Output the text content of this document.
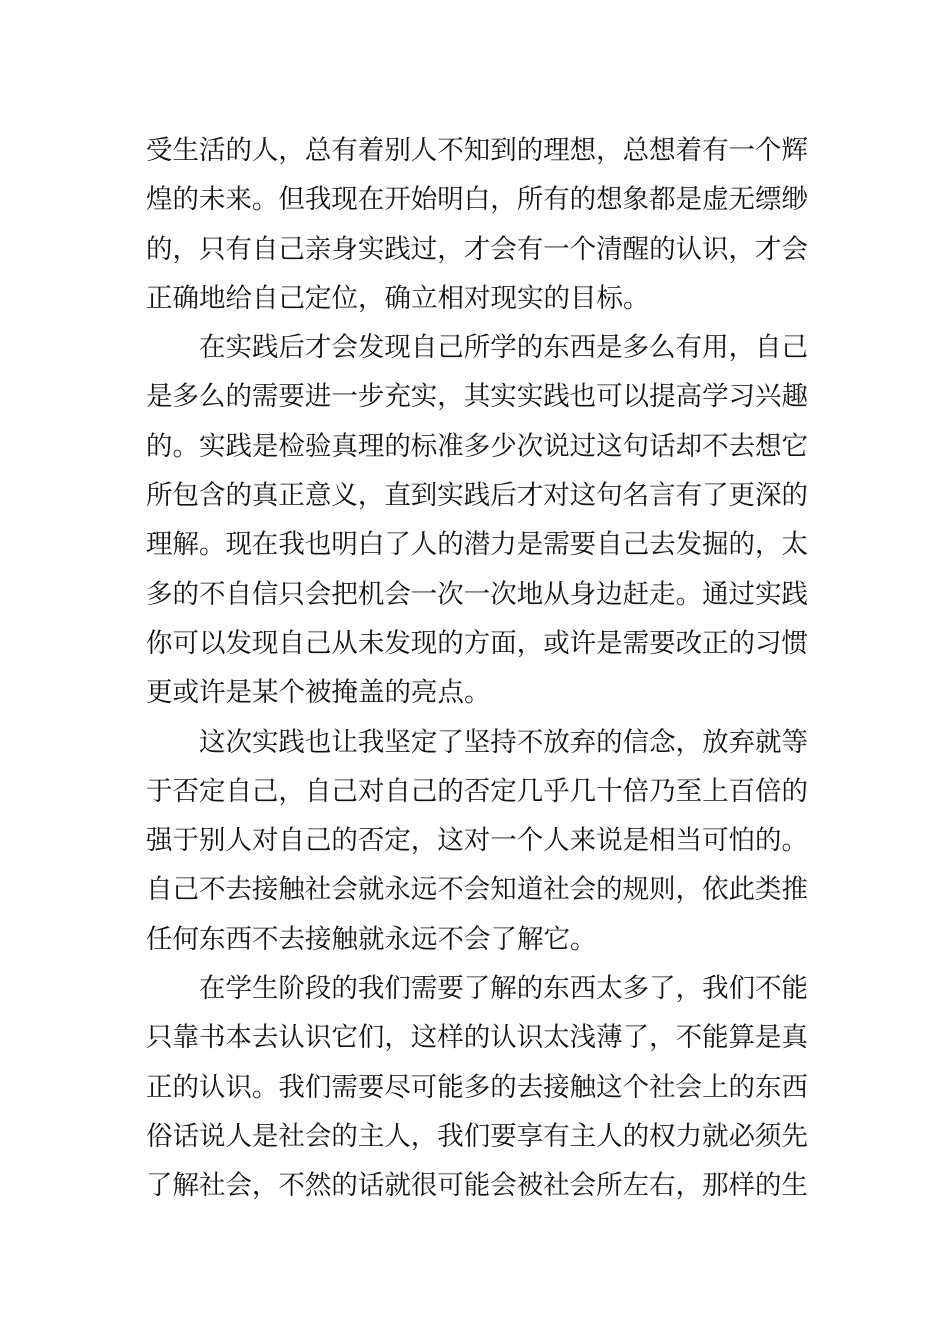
受生活的人，总有着别人不知到的理想，总想着有一个辉
煌的未来。但我现在开始明白，所有的想象都是虚无缥缈
的，只有自己亲身实践过，才会有一个清醒的认识，才会
正确地给自己定位，确立相对现实的目标。
在实践后才会发现自己所学的东西是多么有用，自己
是多么的需要进一步充实，其实实践也可以提高学习兴趣
的。实践是检验真理的标准多少次说过这句话却不去想它
所包含的真正意义，直到实践后才对这句名言有了更深的
理解。现在我也明白了人的潜力是需要自己去发掘的，太
多的不自信只会把机会一次一次地从身边赶走。通过实践
你可以发现自己从未发现的方面，或许是需要改正的习惯
更或许是某个被掩盖的亮点。
这次实践也让我坚定了坚持不放弃的信念，放弃就等
于否定自己，自己对自己的否定几乎几十倍乃至上百倍的
强于别人对自己的否定，这对一个人来说是相当可怕的。
自己不去接触社会就永远不会知道社会的规则，依此类推
任何东西不去接触就永远不会了解它。
在学生阶段的我们需要了解的东西太多了，我们不能
只靠书本去认识它们，这样的认识太浅薄了，不能算是真
正的认识。我们需要尽可能多的去接触这个社会上的东西
俗话说人是社会的主人，我们要享有主人的权力就必须先
了解社会，不然的话就很可能会被社会所左右，那样的生
